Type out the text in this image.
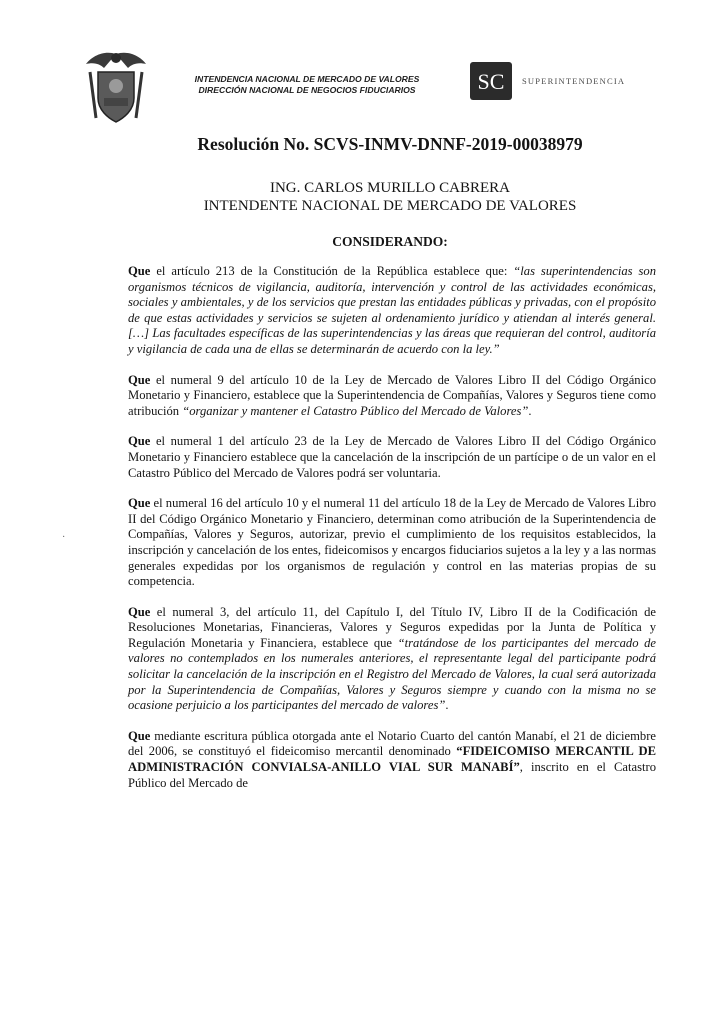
INTENDENCIA NACIONAL DE MERCADO DE VALORES
DIRECCIÓN NACIONAL DE NEGOCIOS FIDUCIARIOS	SC SUPERINTENDENCIA
Resolución No. SCVS-INMV-DNNF-2019-00038979
ING. CARLOS MURILLO CABRERA
INTENDENTE NACIONAL DE MERCADO DE VALORES
CONSIDERANDO:
·

Que el artículo 213 de la Constitución de la República establece que: “las superintendencias son organismos técnicos de vigilancia, auditoría, intervención y control de las actividades económicas, sociales y ambientales, y de los servicios que prestan las entidades públicas y privadas, con el propósito de que estas actividades y servicios se sujeten al ordenamiento jurídico y atiendan al interés general. […] Las facultades específicas de las superintendencias y las áreas que requieran del control, auditoría y vigilancia de cada una de ellas se determinarán de acuerdo con la ley.”

Que el numeral 9 del artículo 10 de la Ley de Mercado de Valores Libro II del Código Orgánico Monetario y Financiero, establece que la Superintendencia de Compañías, Valores y Seguros tiene como atribución “organizar y mantener el Catastro Público del Mercado de Valores”.

Que el numeral 1 del artículo 23 de la Ley de Mercado de Valores Libro II del Código Orgánico Monetario y Financiero establece que la cancelación de la inscripción de un partícipe o de un valor en el Catastro Público del Mercado de Valores podrá ser voluntaria.

Que el numeral 16 del artículo 10 y el numeral 11 del artículo 18 de la Ley de Mercado de Valores Libro II del Código Orgánico Monetario y Financiero, determinan como atribución de la Superintendencia de Compañías, Valores y Seguros, autorizar, previo el cumplimiento de los requisitos establecidos, la inscripción y cancelación de los entes, fideicomisos y encargos fiduciarios sujetos a la ley y a las normas generales expedidas por los organismos de regulación y control en las materias propias de su competencia.

Que el numeral 3, del artículo 11, del Capítulo I, del Título IV, Libro II de la Codificación de Resoluciones Monetarias, Financieras, Valores y Seguros expedidas por la Junta de Política y Regulación Monetaria y Financiera, establece que “tratándose de los participantes del mercado de valores no contemplados en los numerales anteriores, el representante legal del participante podrá solicitar la cancelación de la inscripción en el Registro del Mercado de Valores, la cual será autorizada por la Superintendencia de Compañías, Valores y Seguros siempre y cuando con la misma no se ocasione perjuicio a los participantes del mercado de valores”.

Que mediante escritura pública otorgada ante el Notario Cuarto del cantón Manabí, el 21 de diciembre del 2006, se constituyó el fideicomiso mercantil denominado “FIDEICOMISO MERCANTIL DE ADMINISTRACIÓN CONVIALSA-ANILLO VIAL SUR MANABÍ”, inscrito en el Catastro Público del Mercado de
